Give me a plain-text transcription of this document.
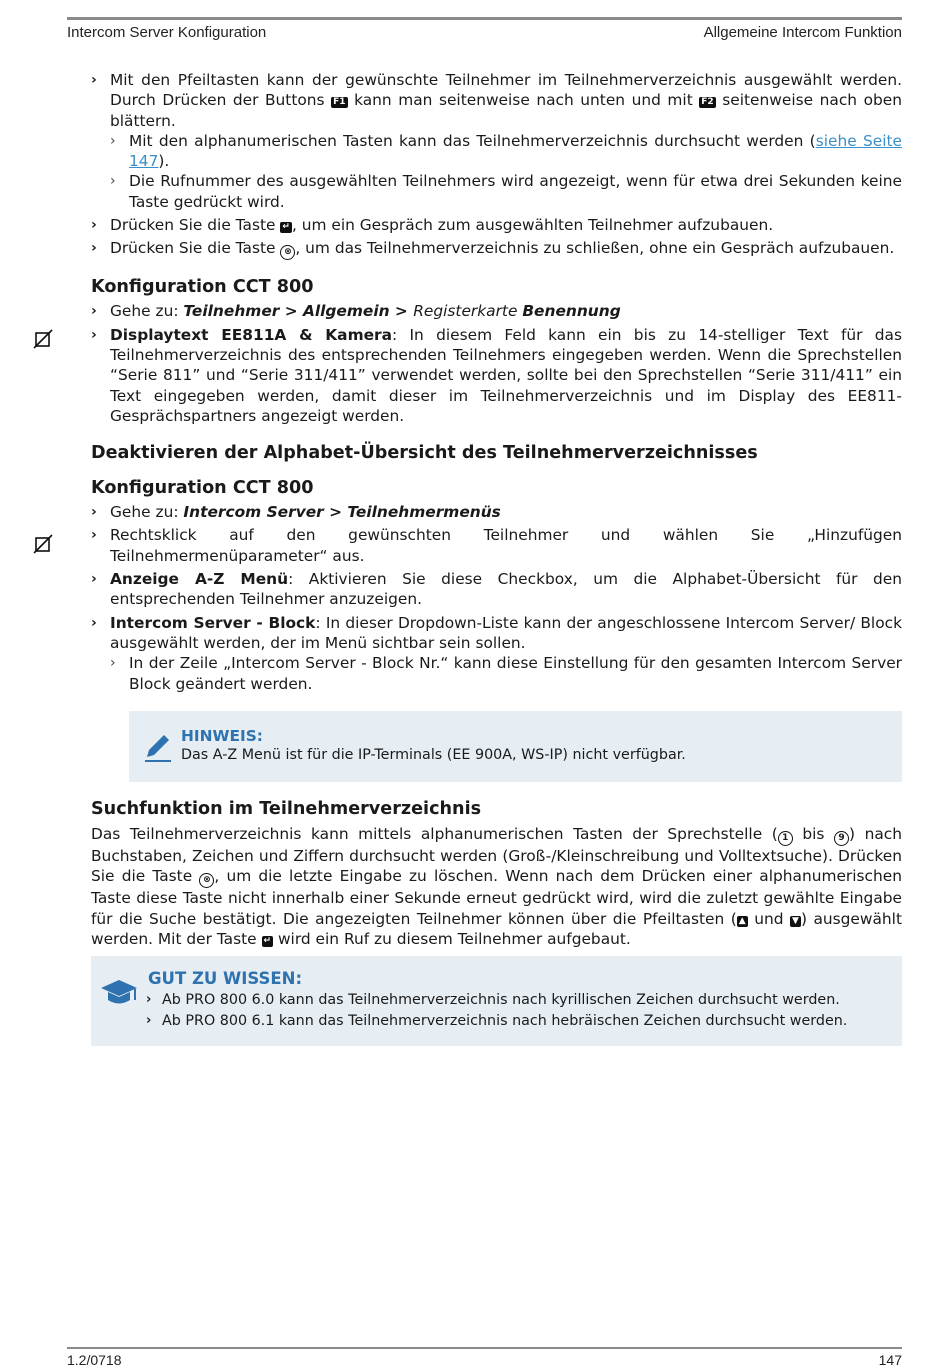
Intercom Server Konfiguration	Allgemeine Intercom Funktion
› Mit den Pfeiltasten kann der gewünschte Teilnehmer im Teilnehmerverzeichnis ausgewählt werden. Durch Drücken der Buttons F1 kann man seitenweise nach unten und mit F2 seitenweise nach oben blättern.
› Mit den alphanumerischen Tasten kann das Teilnehmerverzeichnis durchsucht werden (siehe Seite 147).
› Die Rufnummer des ausgewählten Teilnehmers wird angezeigt, wenn für etwa drei Sekunden keine Taste gedrückt wird.
› Drücken Sie die Taste ↵ , um ein Gespräch zum ausgewählten Teilnehmer aufzubauen.
› Drücken Sie die Taste ⊗ , um das Teilnehmerverzeichnis zu schließen, ohne ein Gespräch aufzubauen.
Konfiguration CCT 800
› Gehe zu: Teilnehmer > Allgemein > Registerkarte Benennung
› Displaytext EE811A & Kamera: In diesem Feld kann ein bis zu 14-stelliger Text für das Teilnehmerverzeichnis des entsprechenden Teilnehmers eingegeben werden. Wenn die Sprechstellen “Serie 811” und “Serie 311/411” verwendet werden, sollte bei den Sprechstellen “Serie 311/411” ein Text eingegeben werden, damit dieser im Teilnehmerverzeichnis und im Display des EE811-Gesprächspartners angezeigt werden.
Deaktivieren der Alphabet-Übersicht des Teilnehmerverzeichnisses
Konfiguration CCT 800
› Gehe zu: Intercom Server > Teilnehmermenüs
› Rechtsklick auf den gewünschten Teilnehmer und wählen Sie „Hinzufügen Teilnehmermenüparameter“ aus.
› Anzeige A-Z Menü: Aktivieren Sie diese Checkbox, um die Alphabet-Übersicht für den entsprechenden Teilnehmer anzuzeigen.
› Intercom Server - Block: In dieser Dropdown-Liste kann der angeschlossene Intercom Server/ Block ausgewählt werden, der im Menü sichtbar sein sollen.
› In der Zeile „Intercom Server - Block Nr.“ kann diese Einstellung für den gesamten Intercom Server Block geändert werden.
HINWEIS:
Das A-Z Menü ist für die IP-Terminals (EE 900A, WS-IP) nicht verfügbar.
Suchfunktion im Teilnehmerverzeichnis
Das Teilnehmerverzeichnis kann mittels alphanumerischen Tasten der Sprechstelle ( 1 bis 9 ) nach Buchstaben, Zeichen und Ziffern durchsucht werden (Groß-/Kleinschreibung und Volltextsuche). Drücken Sie die Taste ⊗ , um die letzte Eingabe zu löschen. Wenn nach dem Drücken einer alphanumerischen Taste diese Taste nicht innerhalb einer Sekunde erneut gedrückt wird, wird die zuletzt gewählte Eingabe für die Suche bestätigt. Die angezeigten Teilnehmer können über die Pfeiltasten ( ▲ und ▼ ) ausgewählt werden. Mit der Taste ↵ wird ein Ruf zu diesem Teilnehmer aufgebaut.
GUT ZU WISSEN:
› Ab PRO 800 6.0 kann das Teilnehmerverzeichnis nach kyrillischen Zeichen durchsucht werden.
› Ab PRO 800 6.1 kann das Teilnehmerverzeichnis nach hebräischen Zeichen durchsucht werden.
1.2/0718	147
